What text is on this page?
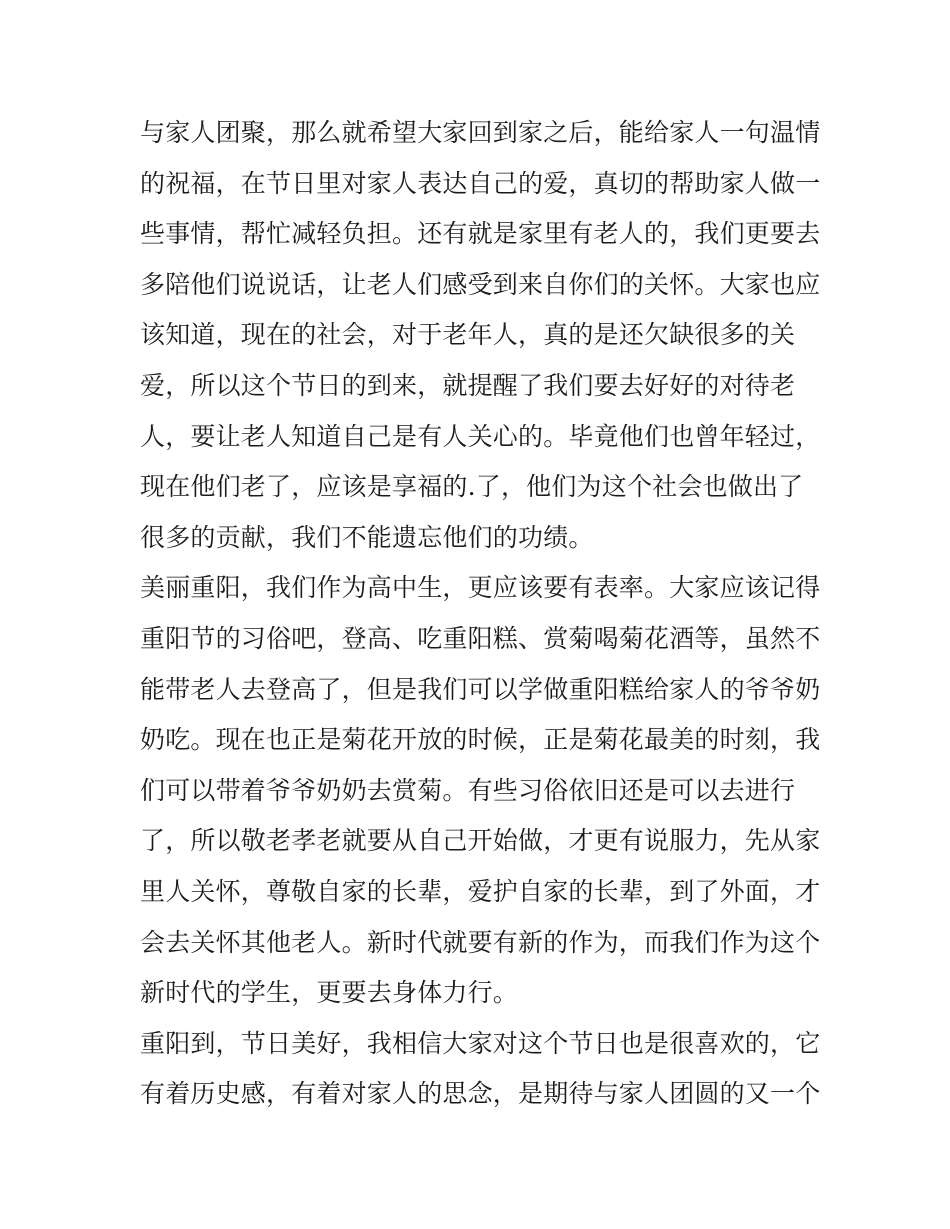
与家人团聚，那么就希望大家回到家之后，能给家人一句温情
的祝福，在节日里对家人表达自己的爱，真切的帮助家人做一
些事情，帮忙减轻负担。还有就是家里有老人的，我们更要去
多陪他们说说话，让老人们感受到来自你们的关怀。大家也应
该知道，现在的社会，对于老年人，真的是还欠缺很多的关
爱，所以这个节日的到来，就提醒了我们要去好好的对待老
人，要让老人知道自己是有人关心的。毕竟他们也曾年轻过，
现在他们老了，应该是享福的.了，他们为这个社会也做出了
很多的贡献，我们不能遗忘他们的功绩。

美丽重阳，我们作为高中生，更应该要有表率。大家应该记得
重阳节的习俗吧，登高、吃重阳糕、赏菊喝菊花酒等，虽然不
能带老人去登高了，但是我们可以学做重阳糕给家人的爷爷奶
奶吃。现在也正是菊花开放的时候，正是菊花最美的时刻，我
们可以带着爷爷奶奶去赏菊。有些习俗依旧还是可以去进行
了，所以敬老孝老就要从自己开始做，才更有说服力，先从家
里人关怀，尊敬自家的长辈，爱护自家的长辈，到了外面，才
会去关怀其他老人。新时代就要有新的作为，而我们作为这个
新时代的学生，更要去身体力行。

重阳到，节日美好，我相信大家对这个节日也是很喜欢的，它
有着历史感，有着对家人的思念，是期待与家人团圆的又一个
